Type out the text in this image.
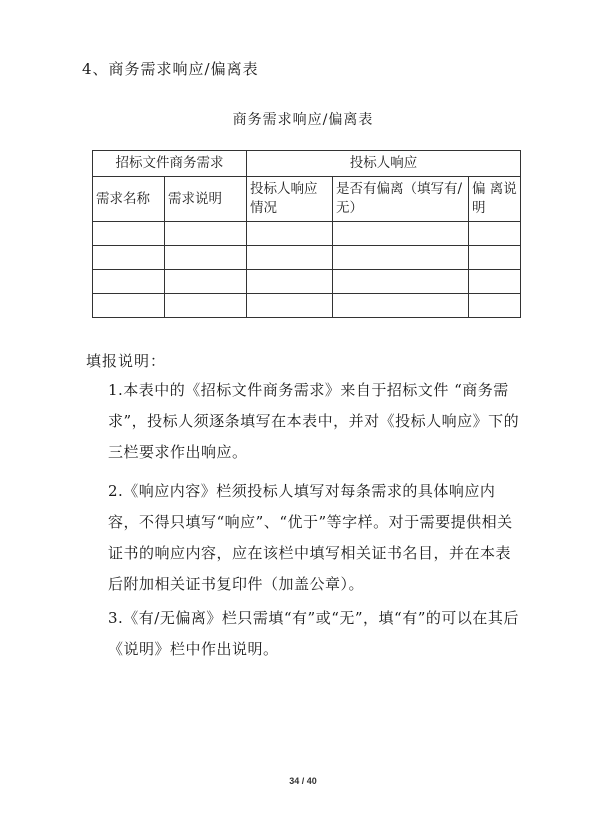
4、商务需求响应/偏离表
商务需求响应/偏离表
招标文件商务需求		投标人响应		
需求名称	需求说明	投标人响应情况	是否有偏离（填写有/无）	偏 离说明

填报说明：
1.本表中的《招标文件商务需求》来自于招标文件 “商务需求”，投标人须逐条填写在本表中，并对《投标人响应》下的三栏要求作出响应。
2.《响应内容》栏须投标人填写对每条需求的具体响应内容，不得只填写“响应”、“优于”等字样。对于需要提供相关证书的响应内容，应在该栏中填写相关证书名目，并在本表后附加相关证书复印件（加盖公章）。
3.《有/无偏离》栏只需填“有”或“无”，填“有”的可以在其后《说明》栏中作出说明。
34 / 40
